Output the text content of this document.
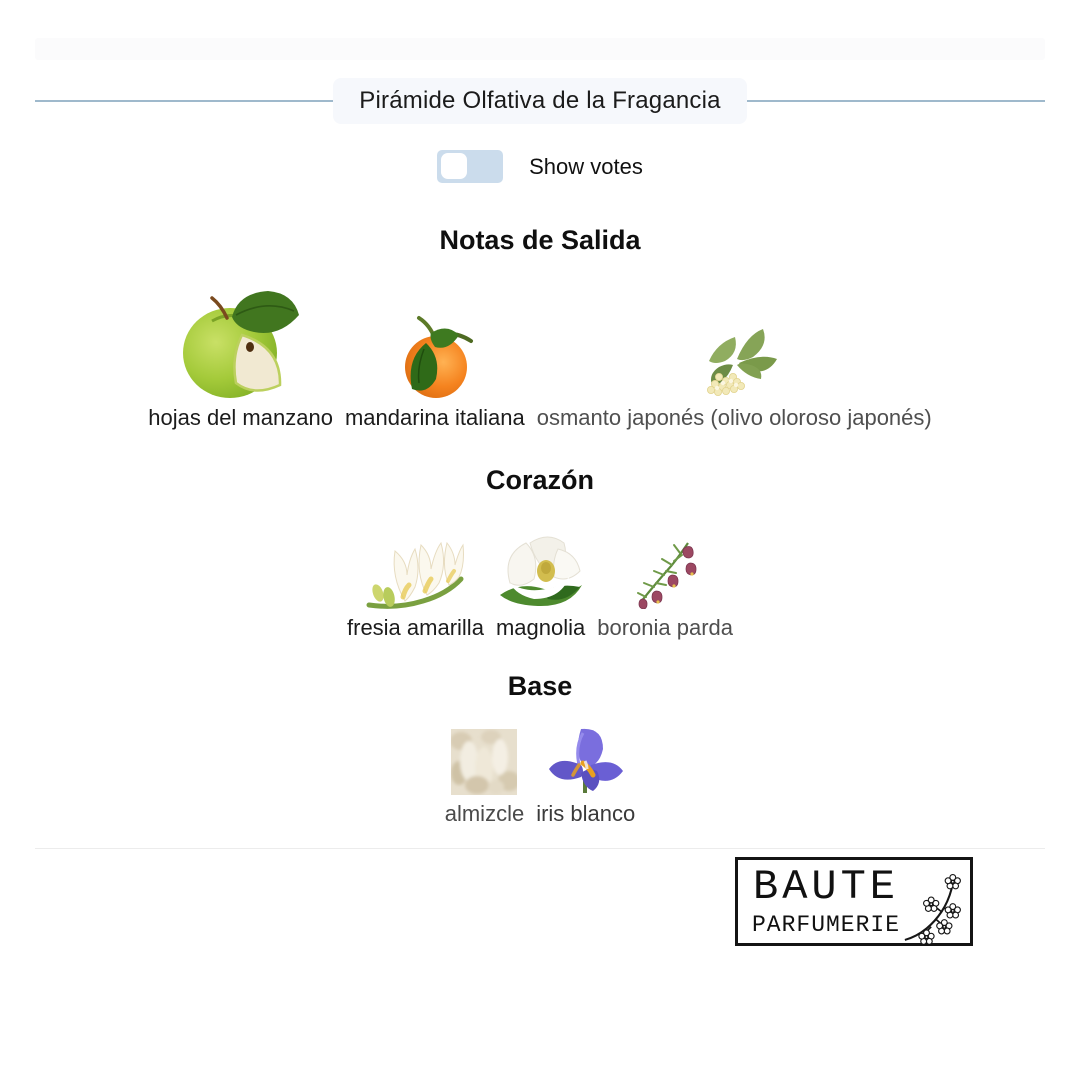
Pirámide Olfativa de la Fragancia
Show votes
Notas de Salida
hojas del manzano mandarina italiana osmanto japonés (olivo oloroso japonés)
Corazón
fresia amarilla magnolia boronia parda
Base
almizcle iris blanco
BAUTE
PARFUMERIE
